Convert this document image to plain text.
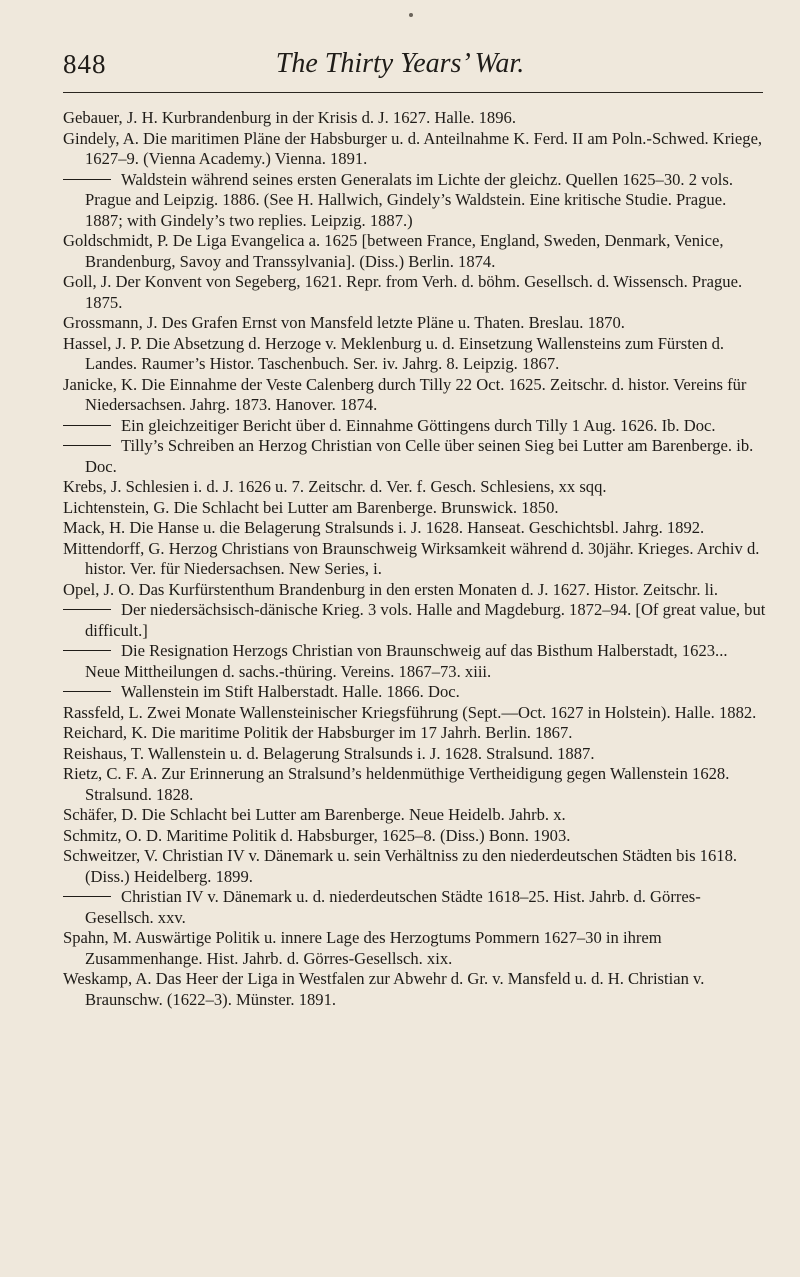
848	The Thirty Years’ War.

Gebauer, J. H. Kurbrandenburg in der Krisis d. J. 1627. Halle. 1896.

Gindely, A. Die maritimen Pläne der Habsburger u. d. Anteilnahme K. Ferd. II am Poln.-Schwed. Kriege, 1627–9. (Vienna Academy.) Vienna. 1891.

Waldstein während seines ersten Generalats im Lichte der gleichz. Quellen 1625–30. 2 vols. Prague and Leipzig. 1886. (See H. Hallwich, Gindely’s Waldstein. Eine kritische Studie. Prague. 1887; with Gindely’s two replies. Leipzig. 1887.)

Goldschmidt, P. De Liga Evangelica a. 1625 [between France, England, Sweden, Denmark, Venice, Brandenburg, Savoy and Transsylvania]. (Diss.) Berlin. 1874.

Goll, J. Der Konvent von Segeberg, 1621. Repr. from Verh. d. böhm. Gesellsch. d. Wissensch. Prague. 1875.

Grossmann, J. Des Grafen Ernst von Mansfeld letzte Pläne u. Thaten. Breslau. 1870.

Hassel, J. P. Die Absetzung d. Herzoge v. Meklenburg u. d. Einsetzung Wallensteins zum Fürsten d. Landes. Raumer’s Histor. Taschenbuch. Ser. iv. Jahrg. 8. Leipzig. 1867.

Janicke, K. Die Einnahme der Veste Calenberg durch Tilly 22 Oct. 1625. Zeitschr. d. histor. Vereins für Niedersachsen. Jahrg. 1873. Hanover. 1874.

Ein gleichzeitiger Bericht über d. Einnahme Göttingens durch Tilly 1 Aug. 1626. Ib. Doc.

Tilly’s Schreiben an Herzog Christian von Celle über seinen Sieg bei Lutter am Barenberge. ib. Doc.

Krebs, J. Schlesien i. d. J. 1626 u. 7. Zeitschr. d. Ver. f. Gesch. Schlesiens, xx sqq.

Lichtenstein, G. Die Schlacht bei Lutter am Barenberge. Brunswick. 1850.

Mack, H. Die Hanse u. die Belagerung Stralsunds i. J. 1628. Hanseat. Geschichtsbl. Jahrg. 1892.

Mittendorff, G. Herzog Christians von Braunschweig Wirksamkeit während d. 30jähr. Krieges. Archiv d. histor. Ver. für Niedersachsen. New Series, i.

Opel, J. O. Das Kurfürstenthum Brandenburg in den ersten Monaten d. J. 1627. Histor. Zeitschr. li.

Der niedersächsisch-dänische Krieg. 3 vols. Halle and Magdeburg. 1872–94. [Of great value, but difficult.]

Die Resignation Herzogs Christian von Braunschweig auf das Bisthum Halberstadt, 1623... Neue Mittheilungen d. sachs.-thüring. Vereins. 1867–73. xiii.

Wallenstein im Stift Halberstadt. Halle. 1866. Doc.

Rassfeld, L. Zwei Monate Wallensteinischer Kriegsführung (Sept.—Oct. 1627 in Holstein). Halle. 1882.

Reichard, K. Die maritime Politik der Habsburger im 17 Jahrh. Berlin. 1867.

Reishaus, T. Wallenstein u. d. Belagerung Stralsunds i. J. 1628. Stralsund. 1887.

Rietz, C. F. A. Zur Erinnerung an Stralsund’s heldenmüthige Vertheidigung gegen Wallenstein 1628. Stralsund. 1828.

Schäfer, D. Die Schlacht bei Lutter am Barenberge. Neue Heidelb. Jahrb. x.

Schmitz, O. D. Maritime Politik d. Habsburger, 1625–8. (Diss.) Bonn. 1903.

Schweitzer, V. Christian IV v. Dänemark u. sein Verhältniss zu den niederdeutschen Städten bis 1618. (Diss.) Heidelberg. 1899.

Christian IV v. Dänemark u. d. niederdeutschen Städte 1618–25. Hist. Jahrb. d. Görres-Gesellsch. xxv.

Spahn, M. Auswärtige Politik u. innere Lage des Herzogtums Pommern 1627–30 in ihrem Zusammenhange. Hist. Jahrb. d. Görres-Gesellsch. xix.

Weskamp, A. Das Heer der Liga in Westfalen zur Abwehr d. Gr. v. Mansfeld u. d. H. Christian v. Braunschw. (1622–3). Münster. 1891.
